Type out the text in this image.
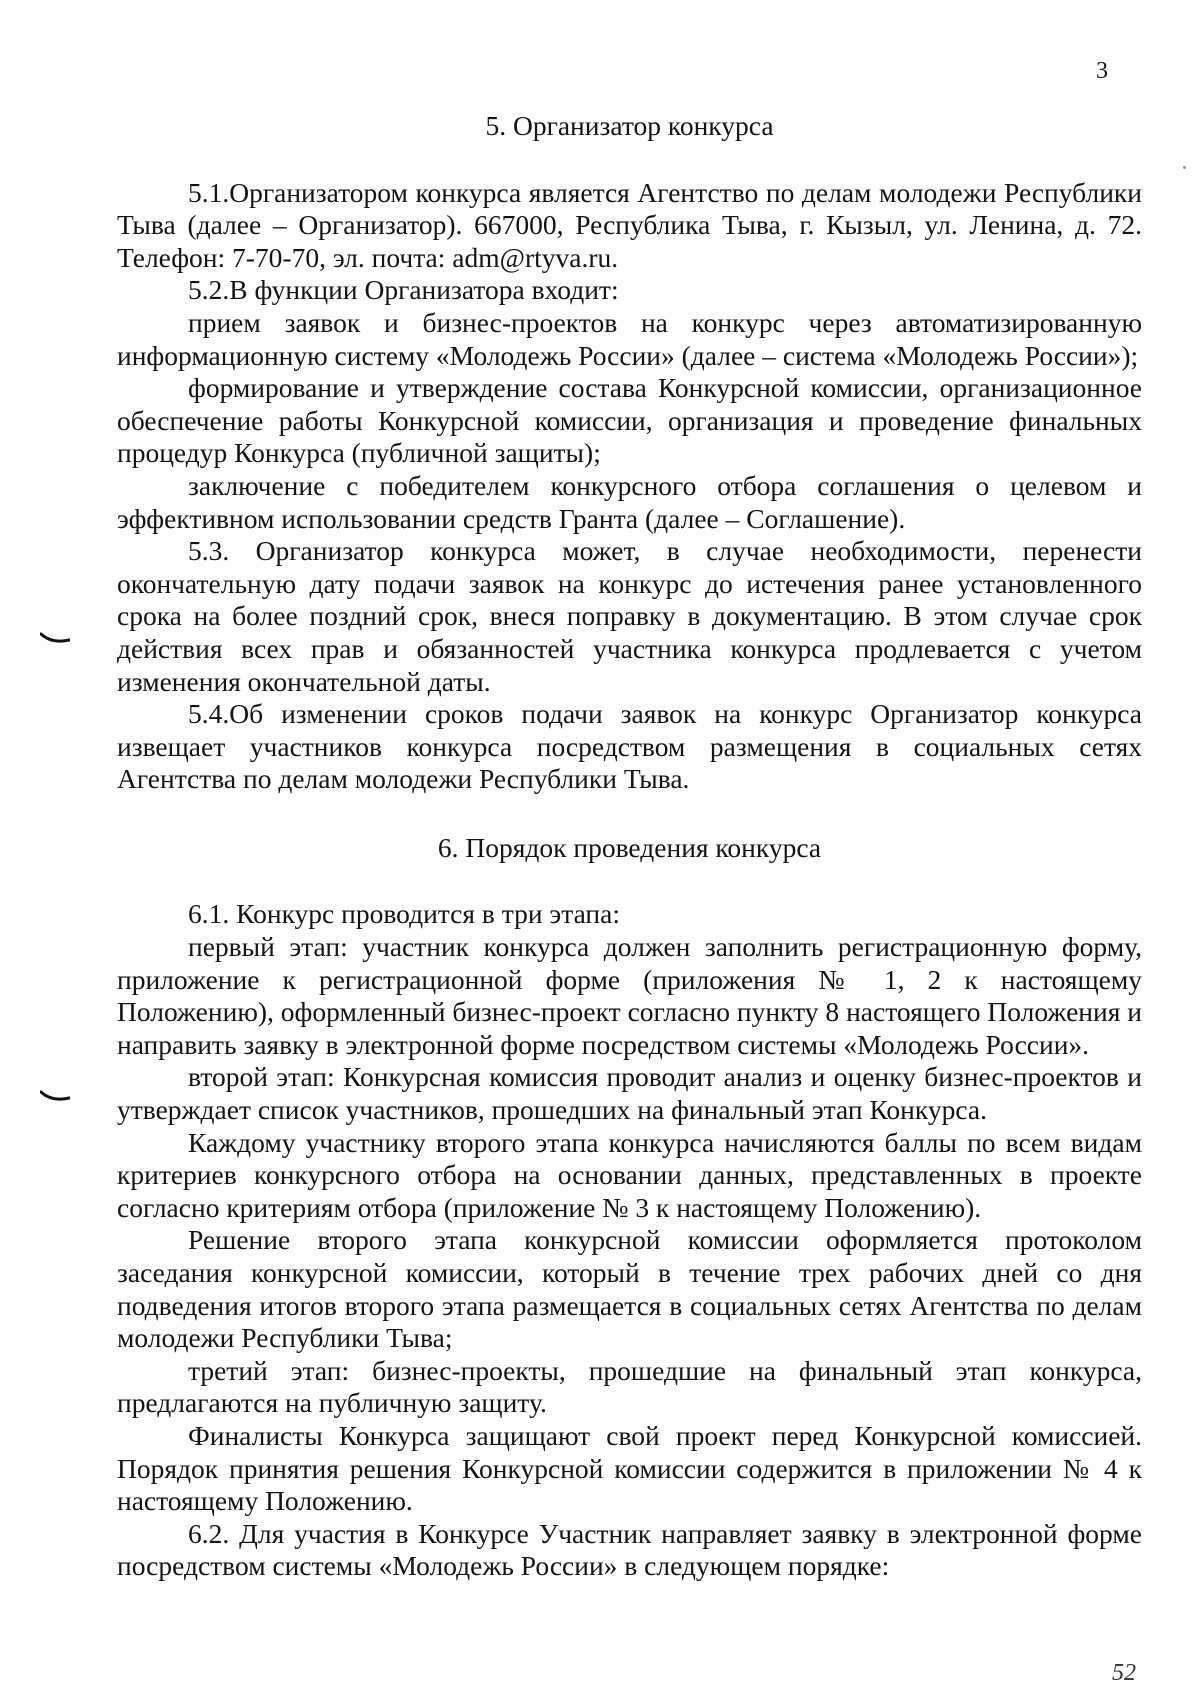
3
5. Организатор конкурса

5.1.Организатором конкурса является Агентство по делам молодежи Республики Тыва (далее – Организатор). 667000, Республика Тыва, г. Кызыл, ул. Ленина, д. 72. Телефон: 7-70-70, эл. почта: adm@rtyva.ru.

5.2.В функции Организатора входит:

прием заявок и бизнес-проектов на конкурс через автоматизированную информационную систему «Молодежь России» (далее – система «Молодежь России»);

формирование и утверждение состава Конкурсной комиссии, организационное обеспечение работы Конкурсной комиссии, организация и проведение финальных процедур Конкурса (публичной защиты);

заключение с победителем конкурсного отбора соглашения о целевом и эффективном использовании средств Гранта (далее – Соглашение).

5.3. Организатор конкурса может, в случае необходимости, перенести окончательную дату подачи заявок на конкурс до истечения ранее установленного срока на более поздний срок, внеся поправку в документацию. В этом случае срок действия всех прав и обязанностей участника конкурса продлевается с учетом изменения окончательной даты.

5.4.Об изменении сроков подачи заявок на конкурс Организатор конкурса извещает участников конкурса посредством размещения в социальных сетях Агентства по делам молодежи Республики Тыва.

6. Порядок проведения конкурса

6.1. Конкурс проводится в три этапа:

первый этап: участник конкурса должен заполнить регистрационную форму, приложение к регистрационной форме (приложения № 1, 2 к настоящему Положению), оформленный бизнес-проект согласно пункту 8 настоящего Положения и направить заявку в электронной форме посредством системы «Молодежь России».

второй этап: Конкурсная комиссия проводит анализ и оценку бизнес-проектов и утверждает список участников, прошедших на финальный этап Конкурса.

Каждому участнику второго этапа конкурса начисляются баллы по всем видам критериев конкурсного отбора на основании данных, представленных в проекте согласно критериям отбора (приложение № 3 к настоящему Положению).

Решение второго этапа конкурсной комиссии оформляется протоколом заседания конкурсной комиссии, который в течение трех рабочих дней со дня подведения итогов второго этапа размещается в социальных сетях Агентства по делам молодежи Республики Тыва;

третий этап: бизнес-проекты, прошедшие на финальный этап конкурса, предлагаются на публичную защиту.

Финалисты Конкурса защищают свой проект перед Конкурсной комиссией. Порядок принятия решения Конкурсной комиссии содержится в приложении № 4 к настоящему Положению.

6.2. Для участия в Конкурсе Участник направляет заявку в электронной форме посредством системы «Молодежь России» в следующем порядке:

52
